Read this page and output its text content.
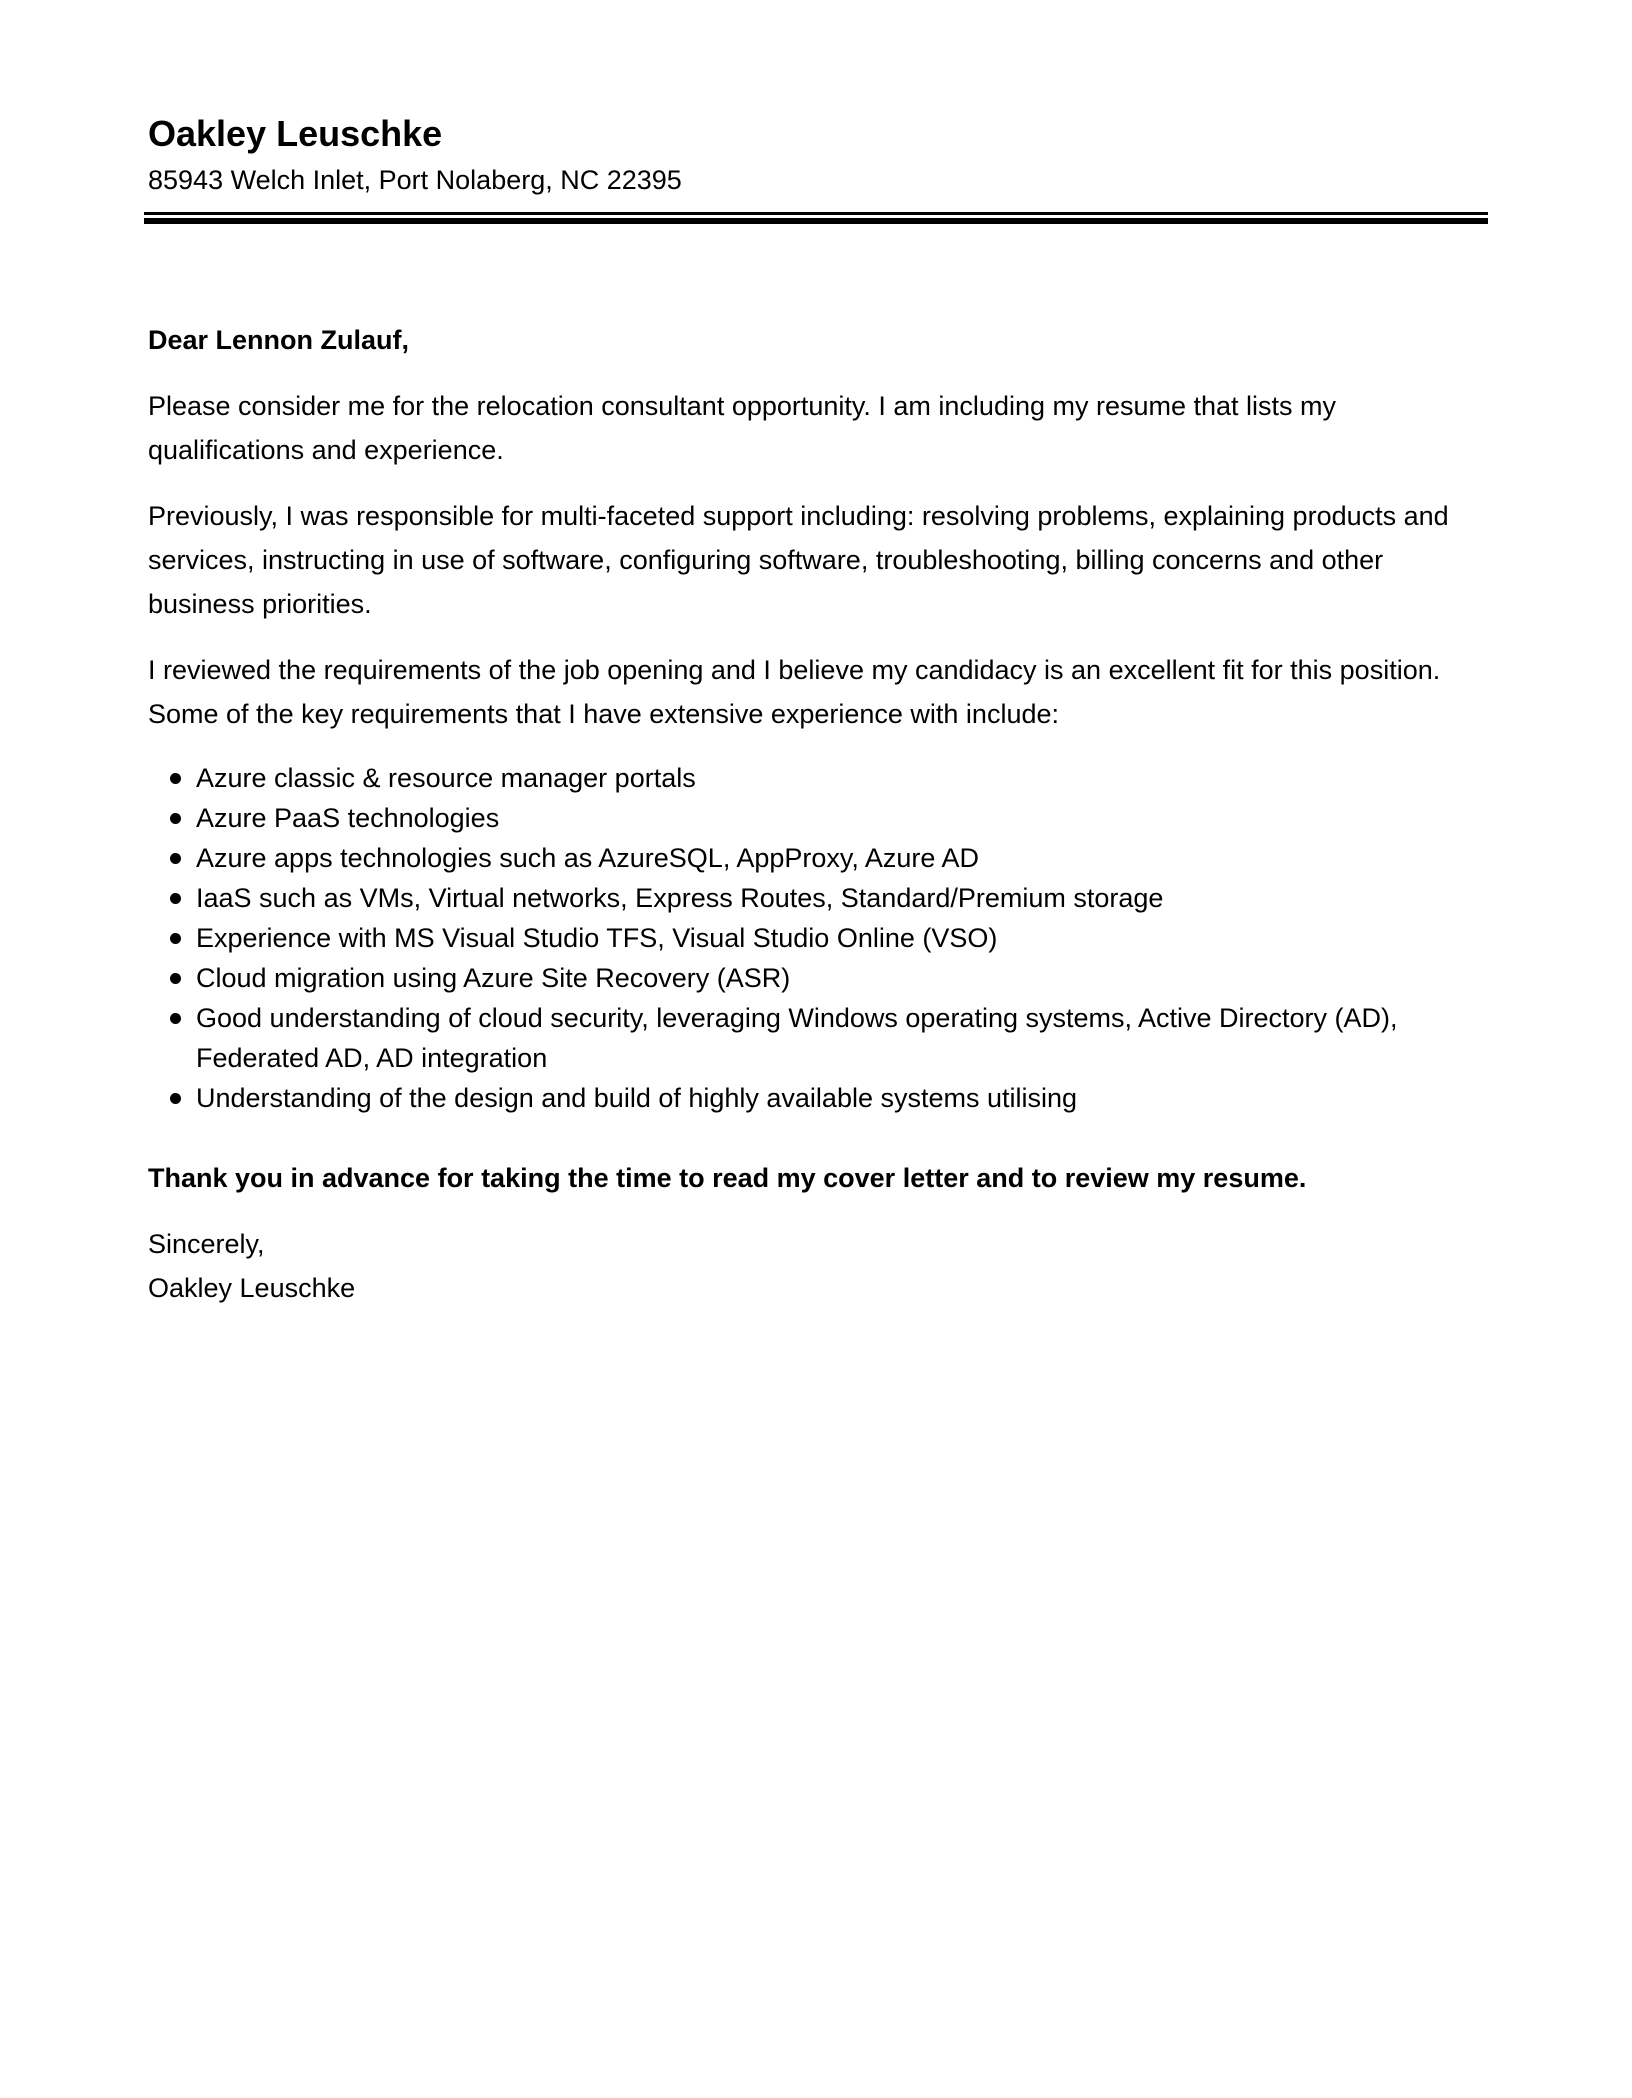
Oakley Leuschke

85943 Welch Inlet, Port Nolaberg, NC 22395

Dear Lennon Zulauf,

Please consider me for the relocation consultant opportunity. I am including my resume that lists my qualifications and experience.

Previously, I was responsible for multi-faceted support including: resolving problems, explaining products and services, instructing in use of software, configuring software, troubleshooting, billing concerns and other business priorities.

I reviewed the requirements of the job opening and I believe my candidacy is an excellent fit for this position. Some of the key requirements that I have extensive experience with include:

Azure classic & resource manager portals
Azure PaaS technologies
Azure apps technologies such as AzureSQL, AppProxy, Azure AD
IaaS such as VMs, Virtual networks, Express Routes, Standard/Premium storage
Experience with MS Visual Studio TFS, Visual Studio Online (VSO)
Cloud migration using Azure Site Recovery (ASR)
Good understanding of cloud security, leveraging Windows operating systems, Active Directory (AD), Federated AD, AD integration
Understanding of the design and build of highly available systems utilising

Thank you in advance for taking the time to read my cover letter and to review my resume.

Sincerely,

Oakley Leuschke
